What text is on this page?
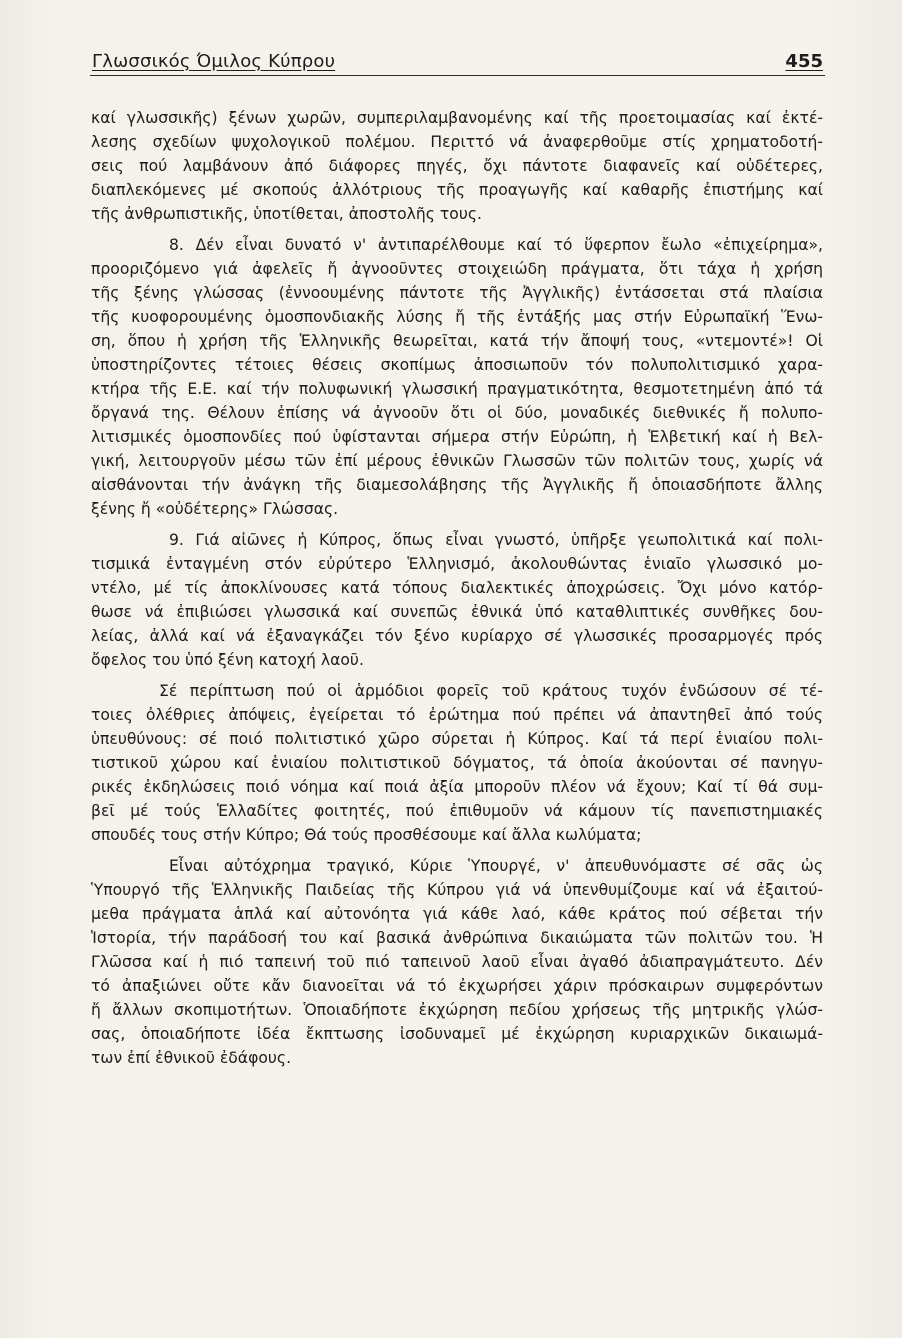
Γλωσσικός Όμιλος Κύπρου	455
καί γλωσσικῆς) ξένων χωρῶν, συμπεριλαμβανομένης καί τῆς προετοιμασίας καί ἐκτέ-
λεσης σχεδίων ψυχολογικοῦ πολέμου. Περιττό νά ἀναφερθοῦμε στίς χρηματοδοτή-
σεις πού λαμβάνουν ἀπό διάφορες πηγές, ὄχι πάντοτε διαφανεῖς καί οὐδέτερες,
διαπλεκόμενες μέ σκοπούς ἀλλότριους τῆς προαγωγῆς καί καθαρῆς ἐπιστήμης καί
τῆς ἀνθρωπιστικῆς, ὑποτίθεται, ἀποστολῆς τους.
8. Δέν εἶναι δυνατό ν' ἀντιπαρέλθουμε καί τό ὕφερπον ἔωλο «ἐπιχείρημα»,
προοριζόμενο γιά ἀφελεῖς ἤ ἀγνοοῦντες στοιχειώδη πράγματα, ὅτι τάχα ἡ χρήση
τῆς ξένης γλώσσας (ἐννοουμένης πάντοτε τῆς Ἀγγλικῆς) ἐντάσσεται στά πλαίσια
τῆς κυοφορουμένης ὁμοσπονδιακῆς λύσης ἤ τῆς ἐντάξής μας στήν Εὐρωπαϊκή Ἕνω-
ση, ὅπου ἡ χρήση τῆς Ἑλληνικῆς θεωρεῖται, κατά τήν ἄποψή τους, «ντεμοντέ»! Οἱ
ὑποστηρίζοντες τέτοιες θέσεις σκοπίμως ἀποσιωποῦν τόν πολυπολιτισμικό χαρα-
κτήρα τῆς Ε.Ε. καί τήν πολυφωνική γλωσσική πραγματικότητα, θεσμοτετημένη ἀπό τά
ὄργανά της. Θέλουν ἐπίσης νά ἀγνοοῦν ὅτι οἱ δύο, μοναδικές διεθνικές ἤ πολυπο-
λιτισμικές ὁμοσπονδίες πού ὑφίστανται σήμερα στήν Εὐρώπη, ἡ Ἑλβετική καί ἡ Βελ-
γική, λειτουργοῦν μέσω τῶν ἐπί μέρους ἐθνικῶν Γλωσσῶν τῶν πολιτῶν τους, χωρίς νά
αἰσθάνονται τήν ἀνάγκη τῆς διαμεσολάβησης τῆς Ἀγγλικῆς ἤ ὁποιασδήποτε ἄλλης
ξένης ἤ «οὐδέτερης» Γλώσσας.
9. Γιά αἰῶνες ἡ Κύπρος, ὅπως εἶναι γνωστό, ὑπῆρξε γεωπολιτικά καί πολι-
τισμικά ἐνταγμένη στόν εὐρύτερο Ἑλληνισμό, ἀκολουθώντας ἑνιαῖο γλωσσικό μο-
ντέλο, μέ τίς ἀποκλίνουσες κατά τόπους διαλεκτικές ἀποχρώσεις. Ὄχι μόνο κατόρ-
θωσε νά ἐπιβιώσει γλωσσικά καί συνεπῶς ἐθνικά ὑπό καταθλιπτικές συνθῆκες δου-
λείας, ἀλλά καί νά ἐξαναγκάζει τόν ξένο κυρίαρχο σέ γλωσσικές προσαρμογές πρός
ὄφελος του ὑπό ξένη κατοχή λαοῦ.
Σέ περίπτωση πού οἱ ἁρμόδιοι φορεῖς τοῦ κράτους τυχόν ἐνδώσουν σέ τέ-
τοιες ὀλέθριες ἀπόψεις, ἐγείρεται τό ἐρώτημα πού πρέπει νά ἀπαντηθεῖ ἀπό τούς
ὑπευθύνους: σέ ποιό πολιτιστικό χῶρο σύρεται ἡ Κύπρος. Καί τά περί ἑνιαίου πολι-
τιστικοῦ χώρου καί ἑνιαίου πολιτιστικοῦ δόγματος, τά ὁποία ἀκούονται σέ πανηγυ-
ρικές ἐκδηλώσεις ποιό νόημα καί ποιά ἀξία μποροῦν πλέον νά ἔχουν; Καί τί θά συμ-
βεῖ μέ τούς Ἑλλαδίτες φοιτητές, πού ἐπιθυμοῦν νά κάμουν τίς πανεπιστημιακές
σπουδές τους στήν Κύπρο; Θά τούς προσθέσουμε καί ἄλλα κωλύματα;
Εἶναι αὐτόχρημα τραγικό, Κύριε Ὑπουργέ, ν' ἀπευθυνόμαστε σέ σᾶς ὡς
Ὑπουργό τῆς Ἑλληνικῆς Παιδείας τῆς Κύπρου γιά νά ὑπενθυμίζουμε καί νά ἐξαιτού-
μεθα πράγματα ἁπλά καί αὐτονόητα γιά κάθε λαό, κάθε κράτος πού σέβεται τήν
Ἱστορία, τήν παράδοσή του καί βασικά ἀνθρώπινα δικαιώματα τῶν πολιτῶν του. Ἡ
Γλῶσσα καί ἡ πιό ταπεινή τοῦ πιό ταπεινοῦ λαοῦ εἶναι ἀγαθό ἀδιαπραγμάτευτο. Δέν
τό ἀπαξιώνει οὔτε κἄν διανοεῖται νά τό ἐκχωρήσει χάριν πρόσκαιρων συμφερόντων
ἤ ἄλλων σκοπιμοτήτων. Ὁποιαδήποτε ἐκχώρηση πεδίου χρήσεως τῆς μητρικῆς γλώσ-
σας, ὁποιαδήποτε ἰδέα ἔκπτωσης ἰσοδυναμεῖ μέ ἐκχώρηση κυριαρχικῶν δικαιωμά-
των ἐπί ἐθνικοῦ ἐδάφους.
